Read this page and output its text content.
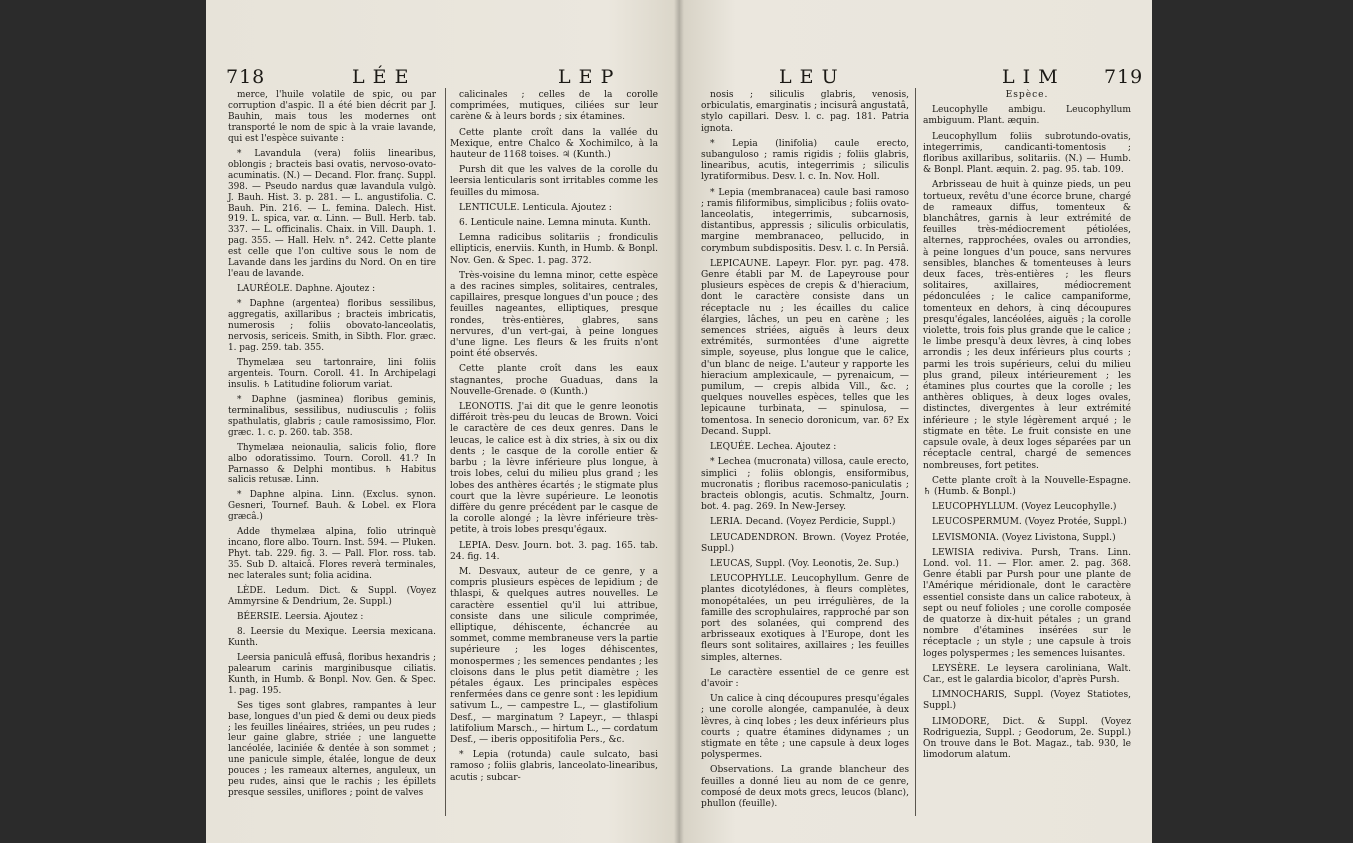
718	L É E	L E P

merce, l'huile volatile de spic, ou par corruption d'aspic. Il a été bien décrit par J. Bauhin, mais tous les modernes ont transporté le nom de spic à la vraie lavande, qui est l'espèce suivante :

* Lavandula (vera) foliis linearibus, oblongis ; bracteis basi ovatis, nervoso-ovato-acuminatis. (N.) — Decand. Flor. franç. Suppl. 398. — Pseudo nardus quæ lavandula vulgò. J. Bauh. Hist. 3. p. 281. — L. angustifolia. C. Bauh. Pin. 216. — L. femina. Dalech. Hist. 919. L. spica, var. α. Linn. — Bull. Herb. tab. 337. — L. officinalis. Chaix. in Vill. Dauph. 1. pag. 355. — Hall. Helv. n°. 242. Cette plante est celle que l'on cultive sous le nom de Lavande dans les jardins du Nord. On en tire l'eau de lavande.

LAURÉOLE. Daphne. Ajoutez :

* Daphne (argentea) floribus sessilibus, aggregatis, axillaribus ; bracteis imbricatis, numerosis ; foliis obovato-lanceolatis, nervosis, sericeis. Smith, in Sibth. Flor. græc. 1. pag. 259. tab. 355.

Thymelæa seu tartonraire, lini foliis argenteis. Tourn. Coroll. 41. In Archipelagi insulis. ♄ Latitudine foliorum variat.

* Daphne (jasminea) floribus geminis, terminalibus, sessilibus, nudiusculis ; foliis spathulatis, glabris ; caule ramosissimo, Flor. græc. 1. c. p. 260. tab. 358.

Thymelæa neionaulia, salicis folio, flore albo odoratissimo. Tourn. Coroll. 41.? In Parnasso & Delphi montibus. ♄ Habitus salicis retusæ. Linn.

* Daphne alpina. Linn. (Exclus. synon. Gesneri, Tournef. Bauh. & Lobel. ex Flora græcâ.)

Adde thymelæa alpina, folio utrinquè incano, flore albo. Tourn. Inst. 594. — Pluken. Phyt. tab. 229. fig. 3. — Pall. Flor. ross. tab. 35. Sub D. altaicâ. Flores reverà terminales, nec laterales sunt; folia acidina.

LÈDE. Ledum. Dict. & Suppl. (Voyez Ammyrsine & Dendrium, 2e. Suppl.)

BÉERSIE. Leersia. Ajoutez :

8. Leersie du Mexique. Leersia mexicana. Kunth.

Leersia paniculâ effusâ, floribus hexandris ; palearum carinis marginibusque ciliatis. Kunth, in Humb. & Bonpl. Nov. Gen. & Spec. 1. pag. 195.

Ses tiges sont glabres, rampantes à leur base, longues d'un pied & demi ou deux pieds ; les feuilles linéaires, striées, un peu rudes ; leur gaine glabre, striée ; une languette lancéolée, laciniée & dentée à son sommet ; une panicule simple, étalée, longue de deux pouces ; les rameaux alternes, anguleux, un peu rudes, ainsi que le rachis ; les épillets presque sessiles, uniflores ; point de valves

calicinales ; celles de la corolle comprimées, mutiques, ciliées sur leur carène & à leurs bords ; six étamines.

Cette plante croît dans la vallée du Mexique, entre Chalco & Xochimilco, à la hauteur de 1168 toises. ♃ (Kunth.)

Pursh dit que les valves de la corolle du leersia lenticularis sont irritables comme les feuilles du mimosa.

LENTICULE. Lenticula. Ajoutez :

6. Lenticule naine. Lemna minuta. Kunth.

Lemna radicibus solitariis ; frondiculis ellipticis, enerviis. Kunth, in Humb. & Bonpl. Nov. Gen. & Spec. 1. pag. 372.

Très-voisine du lemna minor, cette espèce a des racines simples, solitaires, centrales, capillaires, presque longues d'un pouce ; des feuilles nageantes, elliptiques, presque rondes, très-entières, glabres, sans nervures, d'un vert-gai, à peine longues d'une ligne. Les fleurs & les fruits n'ont point été observés.

Cette plante croît dans les eaux stagnantes, proche Guaduas, dans la Nouvelle-Grenade. ⊙ (Kunth.)

LEONOTIS. J'ai dit que le genre leonotis différoit très-peu du leucas de Brown. Voici le caractère de ces deux genres. Dans le leucas, le calice est à dix stries, à six ou dix dents ; le casque de la corolle entier & barbu ; la lèvre inférieure plus longue, à trois lobes, celui du milieu plus grand ; les lobes des anthères écartés ; le stigmate plus court que la lèvre supérieure. Le leonotis diffère du genre précédent par le casque de la corolle alongé ; la lèvre inférieure très-petite, à trois lobes presqu'égaux.

LEPIA. Desv. Journ. bot. 3. pag. 165. tab. 24. fig. 14.

M. Desvaux, auteur de ce genre, y a compris plusieurs espèces de lepidium ; de thlaspi, & quelques autres nouvelles. Le caractère essentiel qu'il lui attribue, consiste dans une silicule comprimée, elliptique, déhiscente, échancrée au sommet, comme membraneuse vers la partie supérieure ; les loges déhiscentes, monospermes ; les semences pendantes ; les cloisons dans le plus petit diamètre ; les pétales égaux. Les principales espèces renfermées dans ce genre sont : les lepidium sativum L., — campestre L., — glastifolium Desf., — marginatum ? Lapeyr., — thlaspi latifolium Marsch., — hirtum L., — cordatum Desf., — iberis oppositifolia Pers., &c.

* Lepia (rotunda) caule sulcato, basi ramoso ; foliis glabris, lanceolato-linearibus, acutis ; subcar-

L E U	L I M 719

nosis ; siliculis glabris, venosis, orbiculatis, emarginatis ; incisurâ angustatâ, stylo capillari. Desv. l. c. pag. 181. Patria ignota.

* Lepia (linifolia) caule erecto, subangulosо ; ramis rigidis ; foliis glabris, linearibus, acutis, integerrimis ; siliculis lyratiformibus. Desv. l. c. In. Nov. Holl.

* Lepia (membranacea) caule basi ramoso ; ramis filiformibus, simplicibus ; foliis ovato-lanceolatis, integerrimis, subcarnosis, distantibus, appressis ; siliculis orbiculatis, margine membranaceo, pellucido, in corymbum subdispositis. Desv. l. c. In Persiâ.

LEPICAUNE. Lapeyr. Flor. pyr. pag. 478. Genre établi par M. de Lapeyrouse pour plusieurs espèces de crepis & d'hieracium, dont le caractère consiste dans un réceptacle nu ; les écailles du calice élargies, lâches, un peu en carène ; les semences striées, aiguës à leurs deux extrémités, surmontées d'une aigrette simple, soyeuse, plus longue que le calice, d'un blanc de neige. L'auteur y rapporte les hieracium amplexicaule, — pyrenaicum, — pumilum, — crepis albida Vill., &c. ; quelques nouvelles espèces, telles que les lepicaune turbinata, — spinulosa, — tomentosa. In senecio doronicum, var. δ? Ex Decand. Suppl.

LEQUÉE. Lechea. Ajoutez :

* Lechea (mucronata) villosa, caule erecto, simplici ; foliis oblongis, ensiformibus, mucronatis ; floribus racemoso-paniculatis ; bracteis oblongis, acutis. Schmaltz, Journ. bot. 4. pag. 269. In New-Jersey.

LERIA. Decand. (Voyez Perdicie, Suppl.)

LEUCADENDRON. Brown. (Voyez Protée, Suppl.)

LEUCAS, Suppl. (Voy. Leonotis, 2e. Sup.)

LEUCOPHYLLE. Leucophyllum. Genre de plantes dicotylédones, à fleurs complètes, monopétalées, un peu irrégulières, de la famille des scrophulaires, rapproché par son port des solanées, qui comprend des arbrisseaux exotiques à l'Europe, dont les fleurs sont solitaires, axillaires ; les feuilles simples, alternes.

Le caractère essentiel de ce genre est d'avoir :

Un calice à cinq découpures presqu'égales ; une corolle alongée, campanulée, à deux lèvres, à cinq lobes ; les deux inférieurs plus courts ; quatre étamines didynames ; un stigmate en tête ; une capsule à deux loges polyspermes.

Observations. La grande blancheur des feuilles a donné lieu au nom de ce genre, composé de deux mots grecs, leucos (blanc), phullon (feuille).

Espèce.

Leucophylle ambigu. Leucophyllum ambiguum. Plant. æquin.

Leucophyllum foliis subrotundo-ovatis, integerrimis, candicanti-tomentosis ; floribus axillaribus, solitariis. (N.) — Humb. & Bonpl. Plant. æquin. 2. pag. 95. tab. 109.

Arbrisseau de huit à quinze pieds, un peu tortueux, revêtu d'une écorce brune, chargé de rameaux diffus, tomenteux & blanchâtres, garnis à leur extrémité de feuilles très-médiocrement pétiolées, alternes, rapprochées, ovales ou arrondies, à peine longues d'un pouce, sans nervures sensibles, blanches & tomenteuses à leurs deux faces, très-entières ; les fleurs solitaires, axillaires, médiocrement pédonculées ; le calice campaniforme, tomenteux en dehors, à cinq découpures presqu'égales, lancéolées, aiguës ; la corolle violette, trois fois plus grande que le calice ; le limbe presqu'à deux lèvres, à cinq lobes arrondis ; les deux inférieurs plus courts ; parmi les trois supérieurs, celui du milieu plus grand, pileux intérieurement ; les étamines plus courtes que la corolle ; les anthères obliques, à deux loges ovales, distinctes, divergentes à leur extrémité inférieure ; le style légèrement arqué ; le stigmate en tête. Le fruit consiste en une capsule ovale, à deux loges séparées par un réceptacle central, chargé de semences nombreuses, fort petites.

Cette plante croît à la Nouvelle-Espagne. ♄ (Humb. & Bonpl.)

LEUCOPHYLLUM. (Voyez Leucophylle.)

LEUCOSPERMUM. (Voyez Protée, Suppl.)

LEVISMONIA. (Voyez Livistona, Suppl.)

LEWISIA rediviva. Pursh, Trans. Linn. Lond. vol. 11. — Flor. amer. 2. pag. 368. Genre établi par Pursh pour une plante de l'Amérique méridionale, dont le caractère essentiel consiste dans un calice raboteux, à sept ou neuf folioles ; une corolle composée de quatorze à dix-huit pétales ; un grand nombre d'étamines insérées sur le réceptacle ; un style ; une capsule à trois loges polyspermes ; les semences luisantes.

LEYSÈRE. Le leysera caroliniana, Walt. Car., est le galardia bicolor, d'après Pursh.

LIMNOCHARIS, Suppl. (Voyez Statiotes, Suppl.)

LIMODORE, Dict. & Suppl. (Voyez Rodriguezia, Suppl. ; Geodorum, 2e. Suppl.) On trouve dans le Bot. Magaz., tab. 930, le limodorum alatum.
